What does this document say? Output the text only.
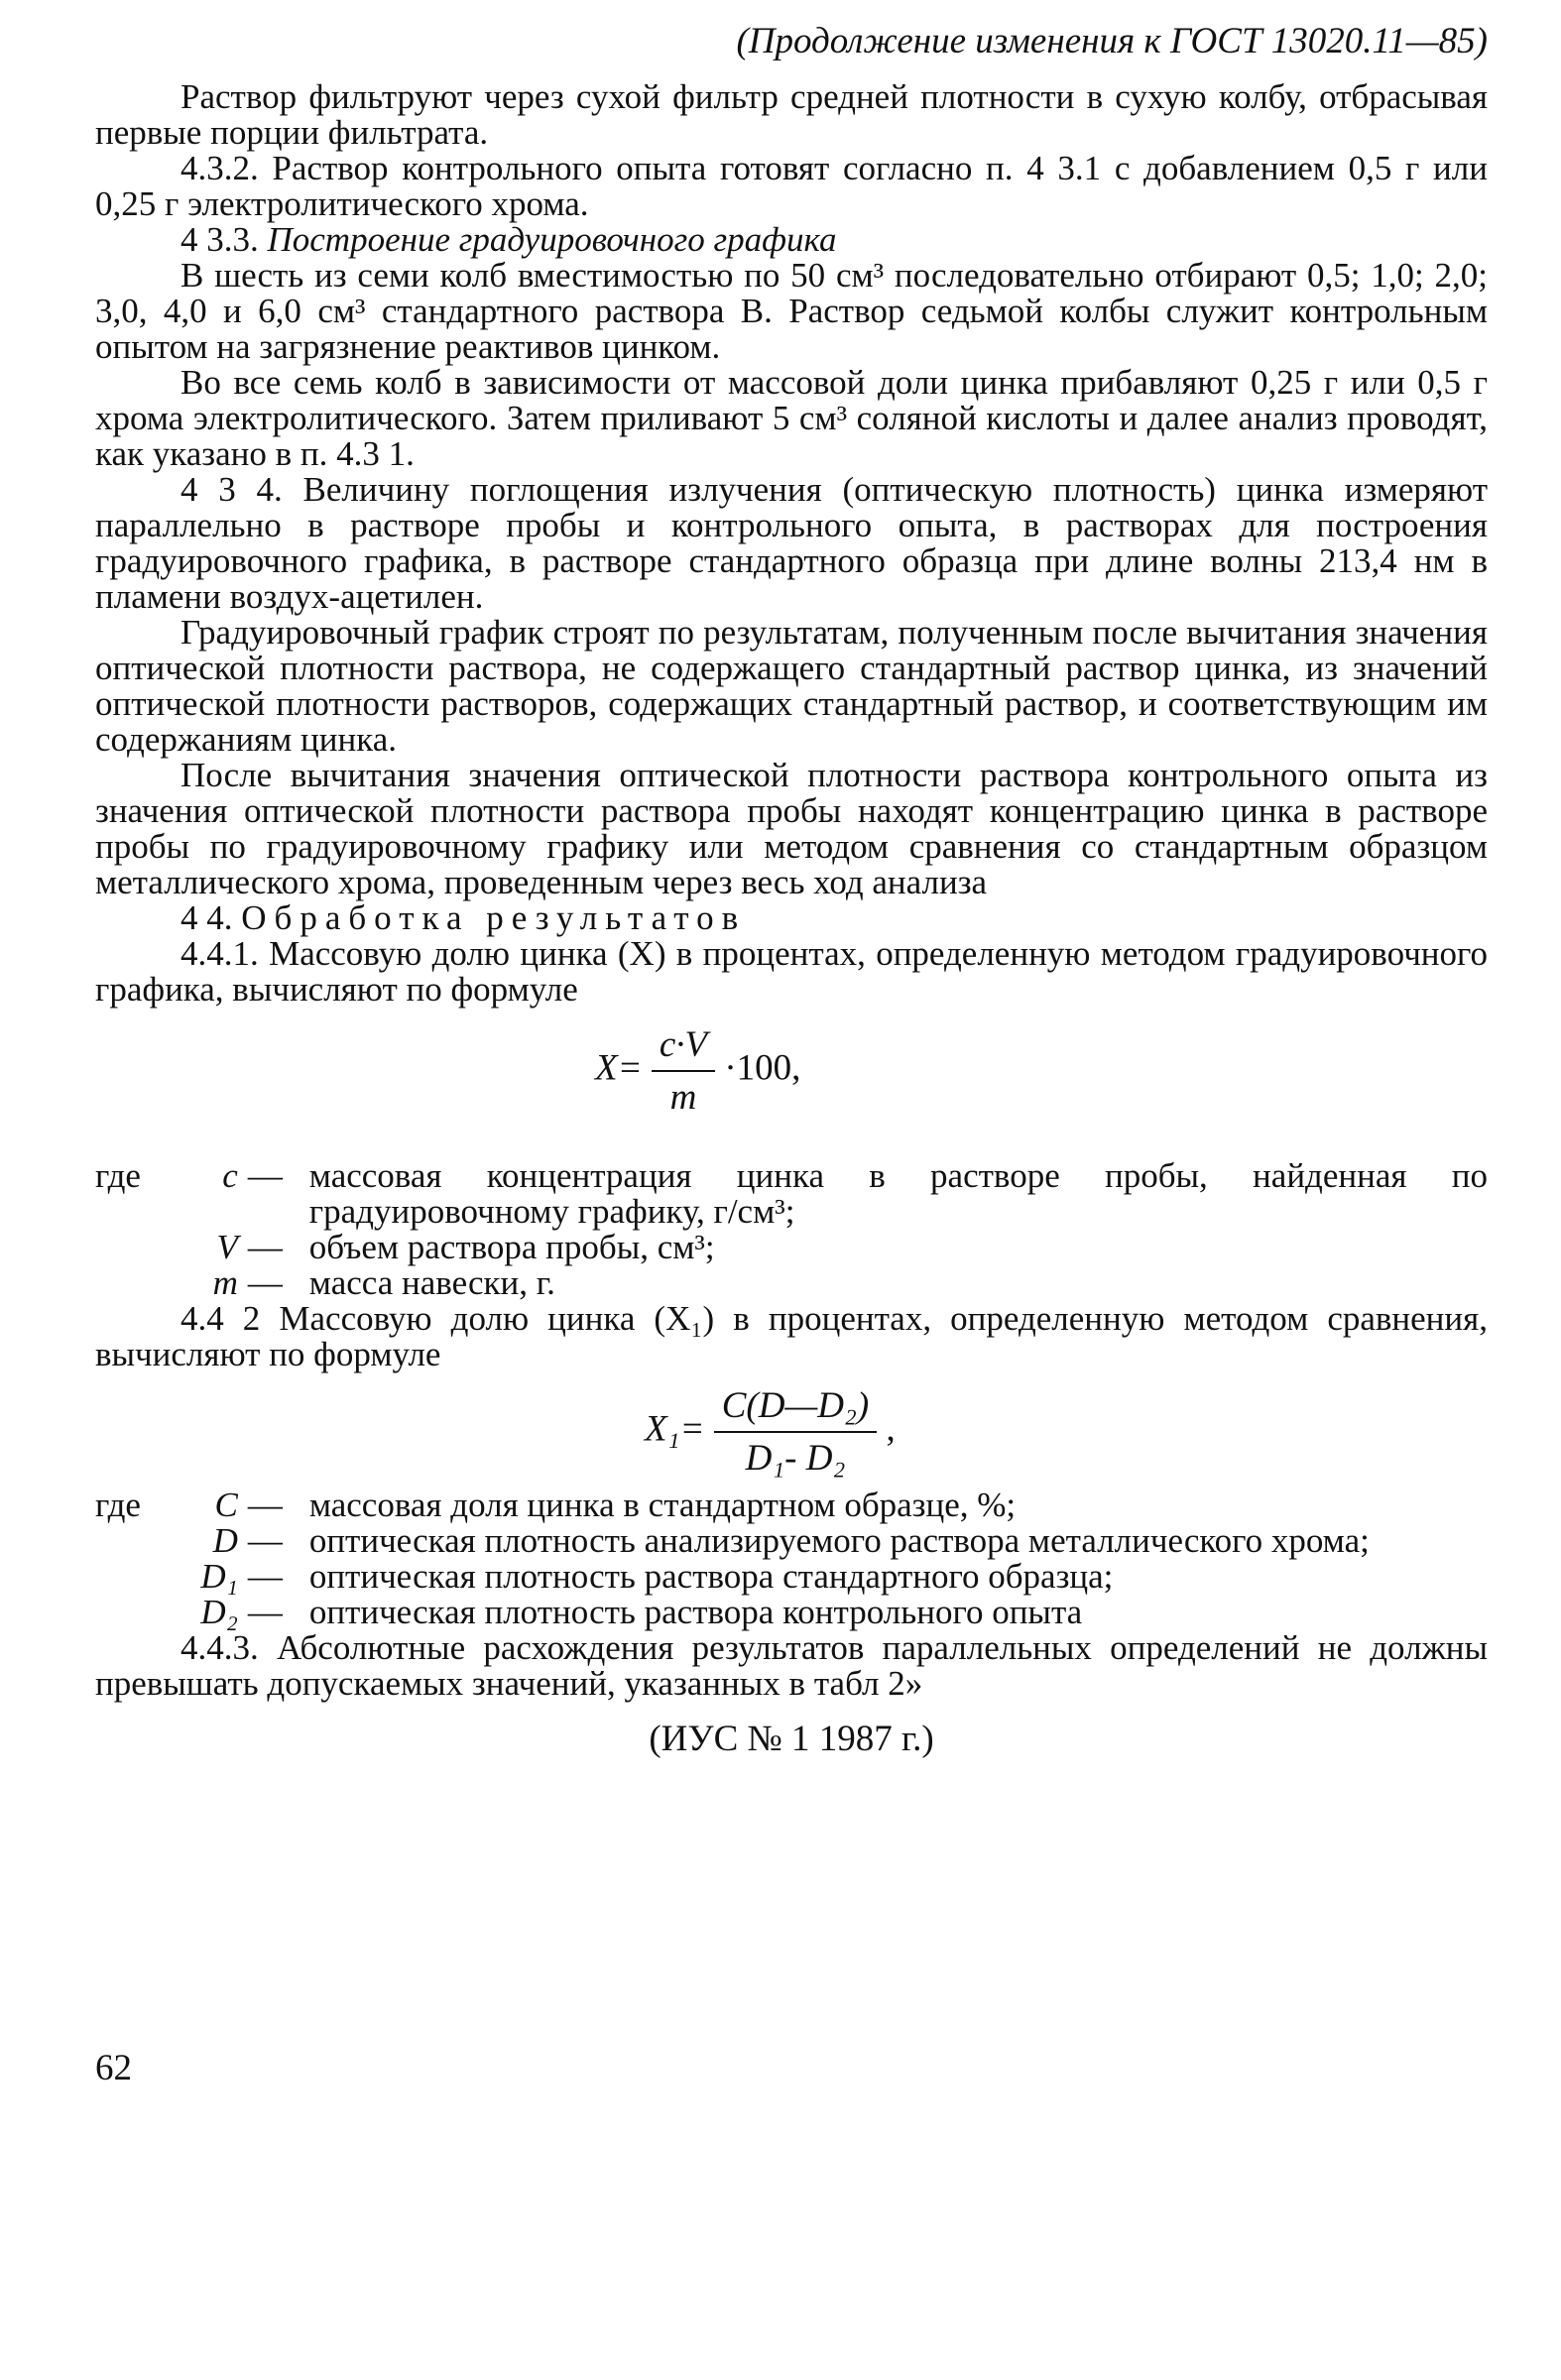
(Продолжение изменения к ГОСТ 13020.11—85)
Раствор фильтруют через сухой фильтр средней плотности в сухую колбу, отбрасывая первые порции фильтрата.
4.3.2. Раствор контрольного опыта готовят согласно п. 4 3.1 с добавлением 0,5 г или 0,25 г электролитического хрома.
4 3.3. Построение градуировочного графика
В шесть из семи колб вместимостью по 50 см³ последовательно отбирают 0,5; 1,0; 2,0; 3,0, 4,0 и 6,0 см³ стандартного раствора В. Раствор седьмой колбы служит контрольным опытом на загрязнение реактивов цинком.
Во все семь колб в зависимости от массовой доли цинка прибавляют 0,25 г или 0,5 г хрома электролитического. Затем приливают 5 см³ соляной кислоты и далее анализ проводят, как указано в п. 4.3 1.
4 3 4. Величину поглощения излучения (оптическую плотность) цинка измеряют параллельно в растворе пробы и контрольного опыта, в растворах для построения градуировочного графика, в растворе стандартного образца при длине волны 213,4 нм в пламени воздух-ацетилен.
Градуировочный график строят по результатам, полученным после вычитания значения оптической плотности раствора, не содержащего стандартный раствор цинка, из значений оптической плотности растворов, содержащих стандартный раствор, и соответствующим им содержаниям цинка.
После вычитания значения оптической плотности раствора контрольного опыта из значения оптической плотности раствора пробы находят концентрацию цинка в растворе пробы по градуировочному графику или методом сравнения со стандартным образцом металлического хрома, проведенным через весь ход анализа
4 4. Обработка результатов
4.4.1. Массовую долю цинка (X) в процентах, определенную методом градуировочного графика, вычисляют по формуле
$X= \frac{c\cdot V}{m} \cdot 100$,
где	c	—	массовая концентрация цинка в растворе пробы, найденная по градуировочному графику, г/см³;
	V	—	объем раствора пробы, см³;
	m	—	масса навески, г.
4.4 2 Массовую долю цинка (X₁) в процентах, определенную методом сравнения, вычисляют по формуле
$X_1= \frac{\text{C(D—D₂)}}{\text{D₁- D₂}}$ ,
где	C	—	массовая доля цинка в стандартном образце, %;
	D	—	оптическая плотность анализируемого раствора металлического хрома;
	D₁	—	оптическая плотность раствора стандартного образца;
	D₂	—	оптическая плотность раствора контрольного опыта
4.4.3. Абсолютные расхождения результатов параллельных определений не должны превышать допускаемых значений, указанных в табл 2»
(ИУС № 1 1987 г.)
62
